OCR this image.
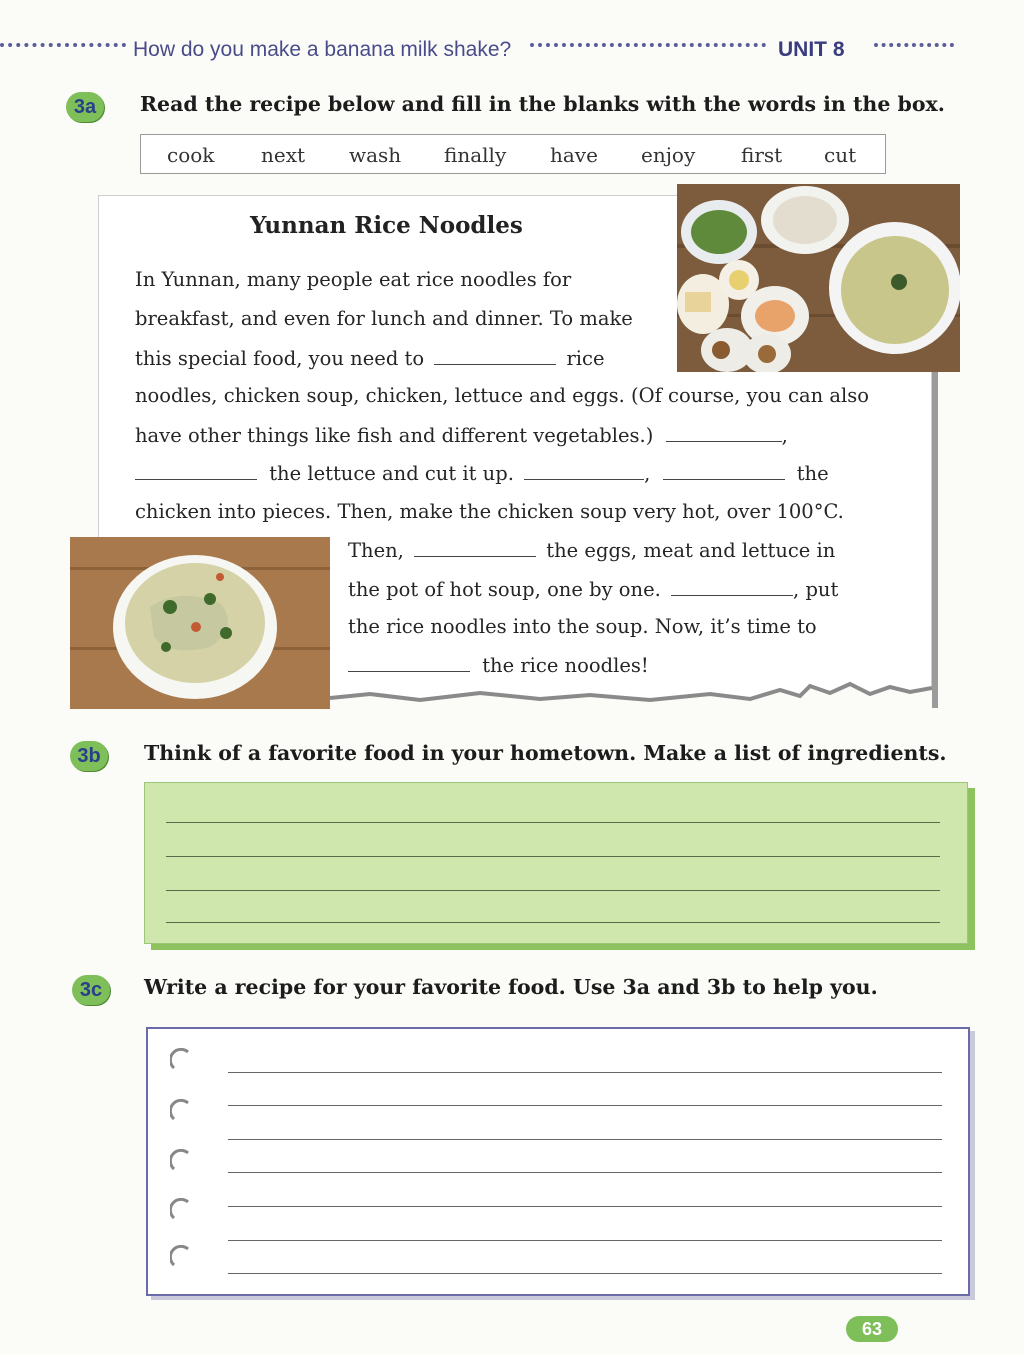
How do you make a banana milk shake?	UNIT 8
3a	Read the recipe below and fill in the blanks with the words in the box.
cook next wash finally have enjoy first cut
Yunnan Rice Noodles
In Yunnan, many people eat rice noodles for
breakfast, and even for lunch and dinner. To make
this special food, you need to	rice
noodles, chicken soup, chicken, lettuce and eggs. (Of course, you can also
have other things like fish and different vegetables.)	,
the lettuce and cut it up.	,	the
chicken into pieces. Then, make the chicken soup very hot, over 100°C.
Then,	the eggs, meat and lettuce in
the pot of hot soup, one by one.	, put
the rice noodles into the soup. Now, it’s time to
the rice noodles!
3b	Think of a favorite food in your hometown. Make a list of ingredients.
3c	Write a recipe for your favorite food. Use 3a and 3b to help you.
63
